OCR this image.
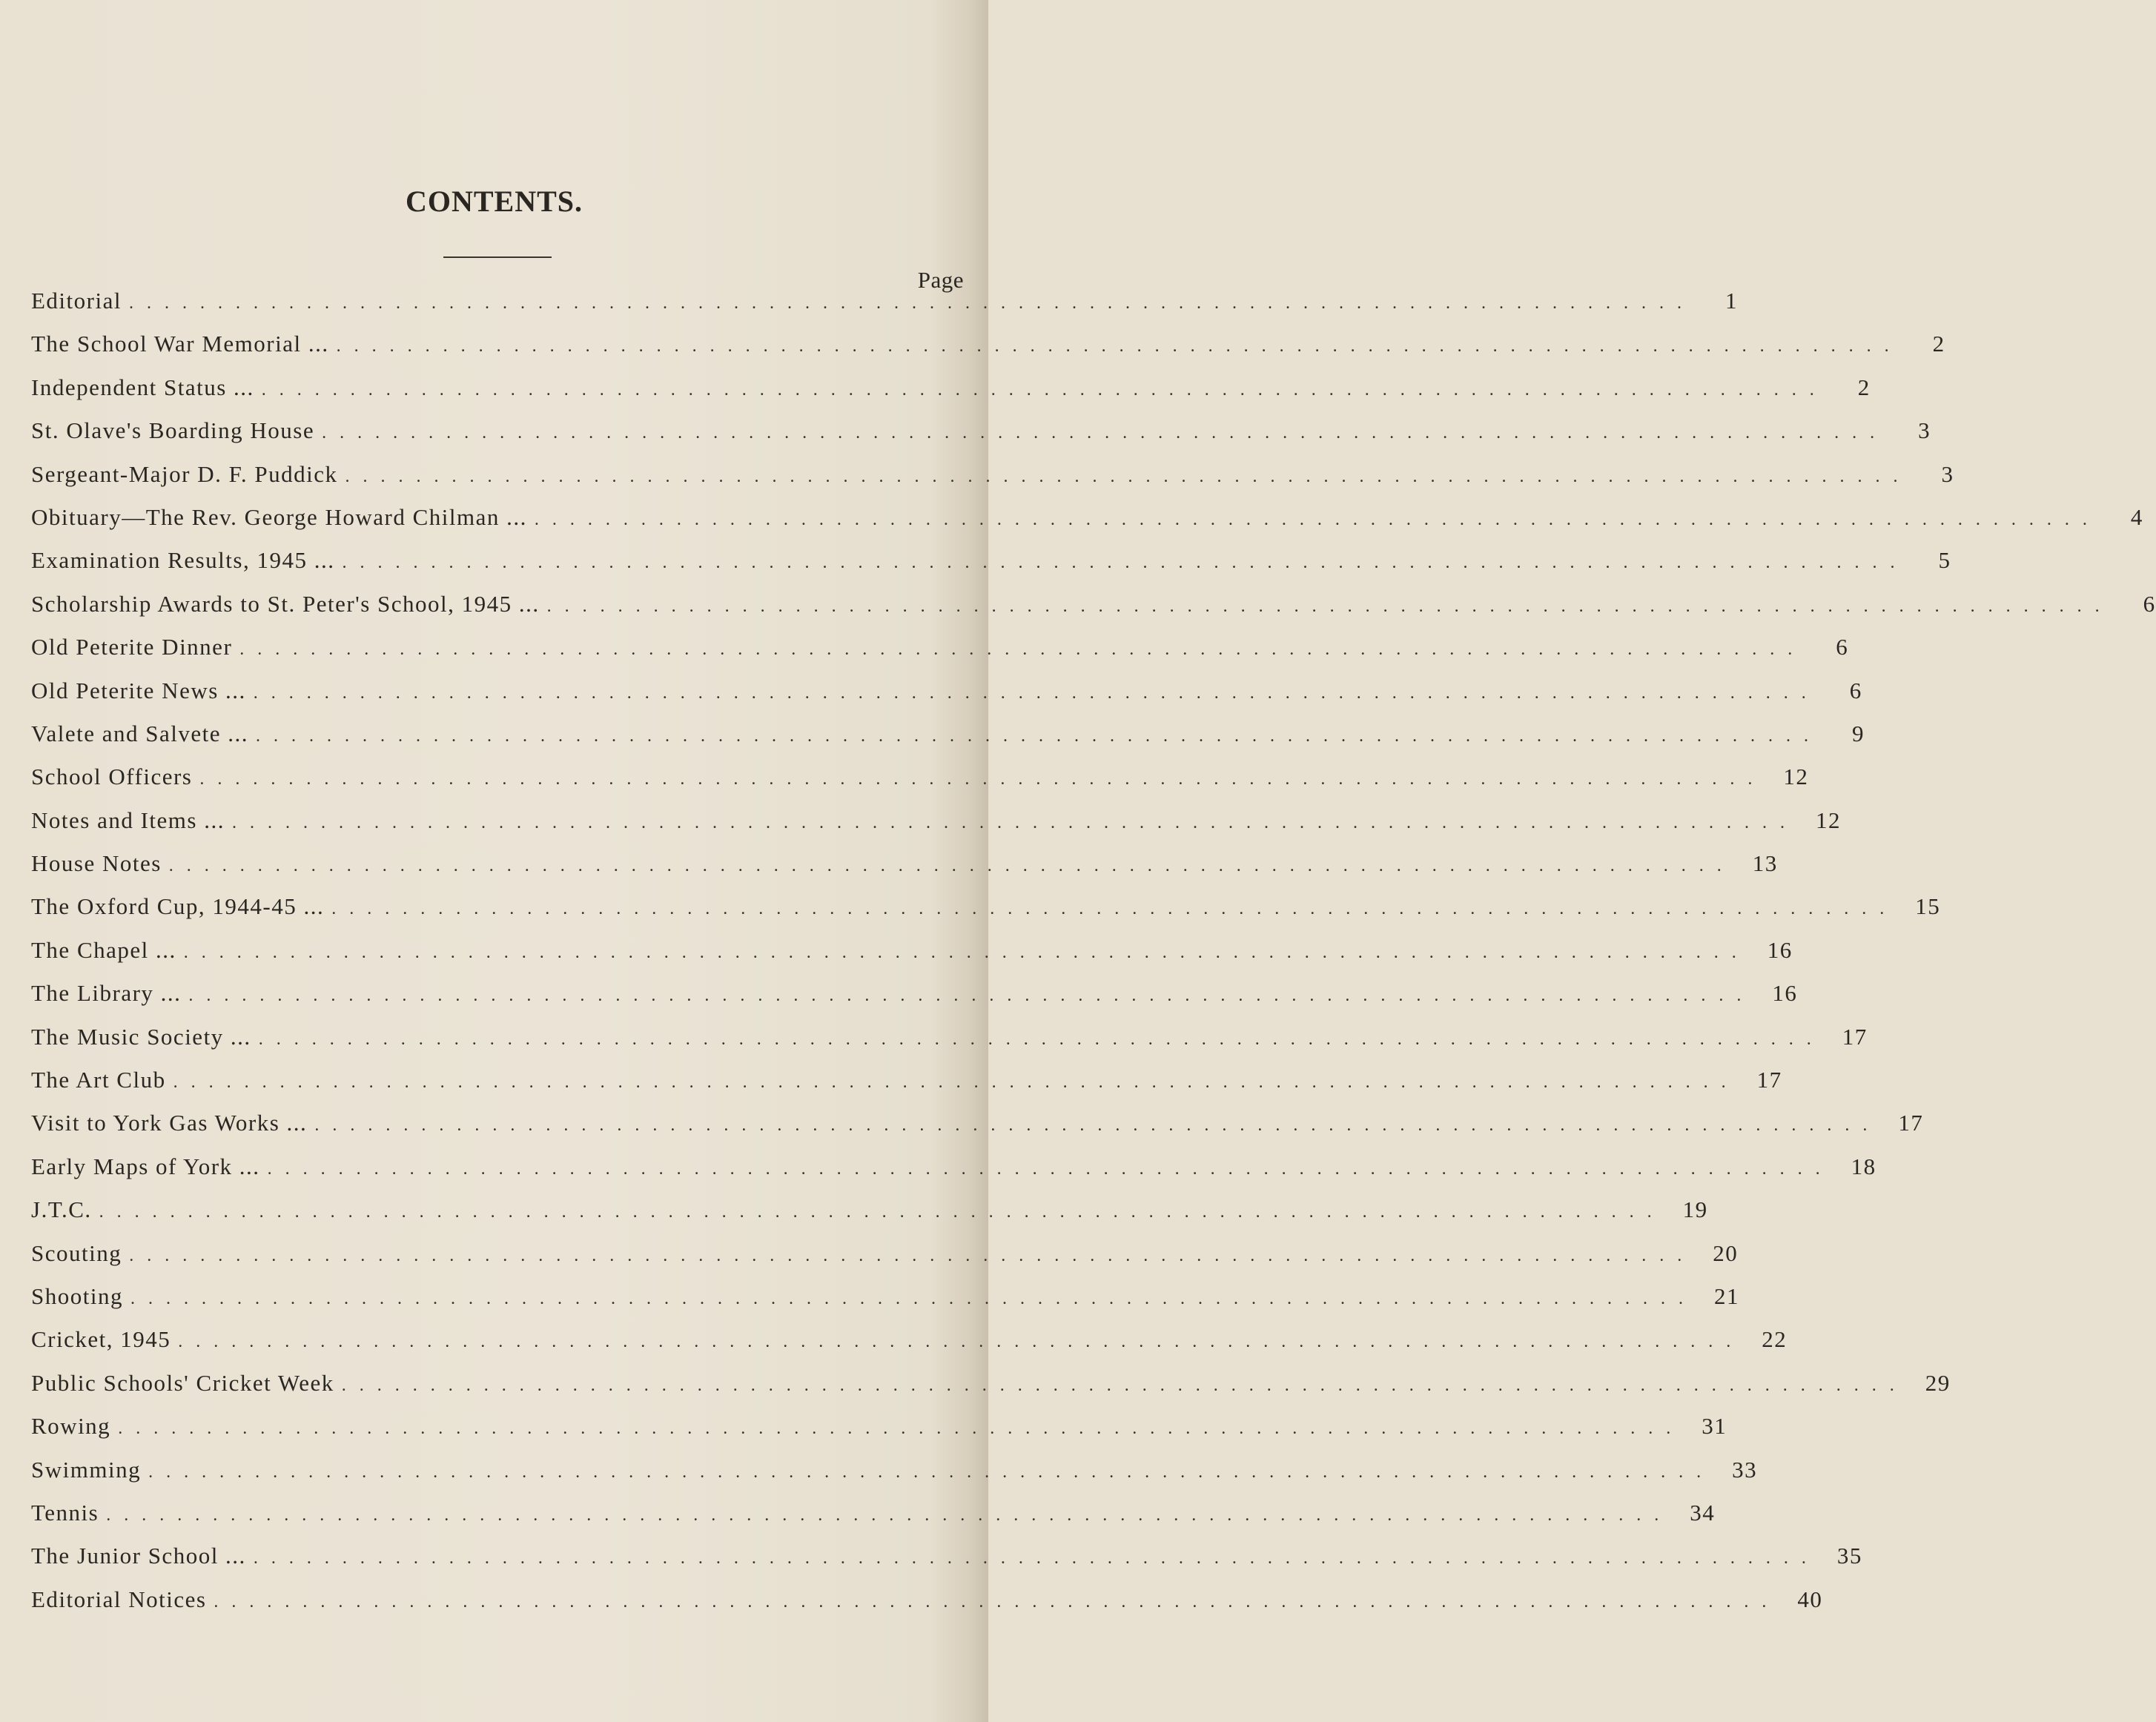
CONTENTS.
Page
Editorial . . . . . . . . . . . . . . . . . . . . . . . . . . . . . . . . . . . . . . . . . . . . . . . . . . . . . . . . . . . . . . . . . . . . . . . . . . . . . . . . . . . . . . . .	1
The School War Memorial ... . . . . . . . . . . . . . . . . . . . . . . . . . . . . . . . . . . . . . . . . . . . . . . . . . . . . . . . . . . . . . . . . . . . . . . . . . . . . . . . . . . . . . . . .	2
Independent Status ... . . . . . . . . . . . . . . . . . . . . . . . . . . . . . . . . . . . . . . . . . . . . . . . . . . . . . . . . . . . . . . . . . . . . . . . . . . . . . . . . . . . . . . . .	2
St. Olave's Boarding House . . . . . . . . . . . . . . . . . . . . . . . . . . . . . . . . . . . . . . . . . . . . . . . . . . . . . . . . . . . . . . . . . . . . . . . . . . . . . . . . . . . . . . . .	3
Sergeant-Major D. F. Puddick . . . . . . . . . . . . . . . . . . . . . . . . . . . . . . . . . . . . . . . . . . . . . . . . . . . . . . . . . . . . . . . . . . . . . . . . . . . . . . . . . . . . . . . .	3
Obituary—The Rev. George Howard Chilman ... . . . . . . . . . . . . . . . . . . . . . . . . . . . . . . . . . . . . . . . . . . . . . . . . . . . . . . . . . . . . . . . . . . . . . . . . . . . . . . . . . . . . . . . .	4
Examination Results, 1945 ... . . . . . . . . . . . . . . . . . . . . . . . . . . . . . . . . . . . . . . . . . . . . . . . . . . . . . . . . . . . . . . . . . . . . . . . . . . . . . . . . . . . . . . . .	5
Scholarship Awards to St. Peter's School, 1945 ... . . . . . . . . . . . . . . . . . . . . . . . . . . . . . . . . . . . . . . . . . . . . . . . . . . . . . . . . . . . . . . . . . . . . . . . . . . . . . . . . . . . . . . . .	6
Old Peterite Dinner . . . . . . . . . . . . . . . . . . . . . . . . . . . . . . . . . . . . . . . . . . . . . . . . . . . . . . . . . . . . . . . . . . . . . . . . . . . . . . . . . . . . . . . .	6
Old Peterite News ... . . . . . . . . . . . . . . . . . . . . . . . . . . . . . . . . . . . . . . . . . . . . . . . . . . . . . . . . . . . . . . . . . . . . . . . . . . . . . . . . . . . . . . . .	6
Valete and Salvete ... . . . . . . . . . . . . . . . . . . . . . . . . . . . . . . . . . . . . . . . . . . . . . . . . . . . . . . . . . . . . . . . . . . . . . . . . . . . . . . . . . . . . . . . .	9
School Officers . . . . . . . . . . . . . . . . . . . . . . . . . . . . . . . . . . . . . . . . . . . . . . . . . . . . . . . . . . . . . . . . . . . . . . . . . . . . . . . . . . . . . . . .	12
Notes and Items ... . . . . . . . . . . . . . . . . . . . . . . . . . . . . . . . . . . . . . . . . . . . . . . . . . . . . . . . . . . . . . . . . . . . . . . . . . . . . . . . . . . . . . . . .	12
House Notes . . . . . . . . . . . . . . . . . . . . . . . . . . . . . . . . . . . . . . . . . . . . . . . . . . . . . . . . . . . . . . . . . . . . . . . . . . . . . . . . . . . . . . . .	13
The Oxford Cup, 1944-45 ... . . . . . . . . . . . . . . . . . . . . . . . . . . . . . . . . . . . . . . . . . . . . . . . . . . . . . . . . . . . . . . . . . . . . . . . . . . . . . . . . . . . . . . . .	15
The Chapel ... . . . . . . . . . . . . . . . . . . . . . . . . . . . . . . . . . . . . . . . . . . . . . . . . . . . . . . . . . . . . . . . . . . . . . . . . . . . . . . . . . . . . . . . .	16
The Library ... . . . . . . . . . . . . . . . . . . . . . . . . . . . . . . . . . . . . . . . . . . . . . . . . . . . . . . . . . . . . . . . . . . . . . . . . . . . . . . . . . . . . . . . .	16
The Music Society ... . . . . . . . . . . . . . . . . . . . . . . . . . . . . . . . . . . . . . . . . . . . . . . . . . . . . . . . . . . . . . . . . . . . . . . . . . . . . . . . . . . . . . . . .	17
The Art Club . . . . . . . . . . . . . . . . . . . . . . . . . . . . . . . . . . . . . . . . . . . . . . . . . . . . . . . . . . . . . . . . . . . . . . . . . . . . . . . . . . . . . . . .	17
Visit to York Gas Works ... . . . . . . . . . . . . . . . . . . . . . . . . . . . . . . . . . . . . . . . . . . . . . . . . . . . . . . . . . . . . . . . . . . . . . . . . . . . . . . . . . . . . . . . .	17
Early Maps of York ... . . . . . . . . . . . . . . . . . . . . . . . . . . . . . . . . . . . . . . . . . . . . . . . . . . . . . . . . . . . . . . . . . . . . . . . . . . . . . . . . . . . . . . . .	18
J.T.C. . . . . . . . . . . . . . . . . . . . . . . . . . . . . . . . . . . . . . . . . . . . . . . . . . . . . . . . . . . . . . . . . . . . . . . . . . . . . . . . . . . . . . . . .	19
Scouting . . . . . . . . . . . . . . . . . . . . . . . . . . . . . . . . . . . . . . . . . . . . . . . . . . . . . . . . . . . . . . . . . . . . . . . . . . . . . . . . . . . . . . . .	20
Shooting . . . . . . . . . . . . . . . . . . . . . . . . . . . . . . . . . . . . . . . . . . . . . . . . . . . . . . . . . . . . . . . . . . . . . . . . . . . . . . . . . . . . . . . .	21
Cricket, 1945 . . . . . . . . . . . . . . . . . . . . . . . . . . . . . . . . . . . . . . . . . . . . . . . . . . . . . . . . . . . . . . . . . . . . . . . . . . . . . . . . . . . . . . . .	22
Public Schools' Cricket Week . . . . . . . . . . . . . . . . . . . . . . . . . . . . . . . . . . . . . . . . . . . . . . . . . . . . . . . . . . . . . . . . . . . . . . . . . . . . . . . . . . . . . . . .	29
Rowing . . . . . . . . . . . . . . . . . . . . . . . . . . . . . . . . . . . . . . . . . . . . . . . . . . . . . . . . . . . . . . . . . . . . . . . . . . . . . . . . . . . . . . . .	31
Swimming . . . . . . . . . . . . . . . . . . . . . . . . . . . . . . . . . . . . . . . . . . . . . . . . . . . . . . . . . . . . . . . . . . . . . . . . . . . . . . . . . . . . . . . .	33
Tennis . . . . . . . . . . . . . . . . . . . . . . . . . . . . . . . . . . . . . . . . . . . . . . . . . . . . . . . . . . . . . . . . . . . . . . . . . . . . . . . . . . . . . . . .	34
The Junior School ... . . . . . . . . . . . . . . . . . . . . . . . . . . . . . . . . . . . . . . . . . . . . . . . . . . . . . . . . . . . . . . . . . . . . . . . . . . . . . . . . . . . . . . . .	35
Editorial Notices . . . . . . . . . . . . . . . . . . . . . . . . . . . . . . . . . . . . . . . . . . . . . . . . . . . . . . . . . . . . . . . . . . . . . . . . . . . . . . . . . . . . . . . .	40
